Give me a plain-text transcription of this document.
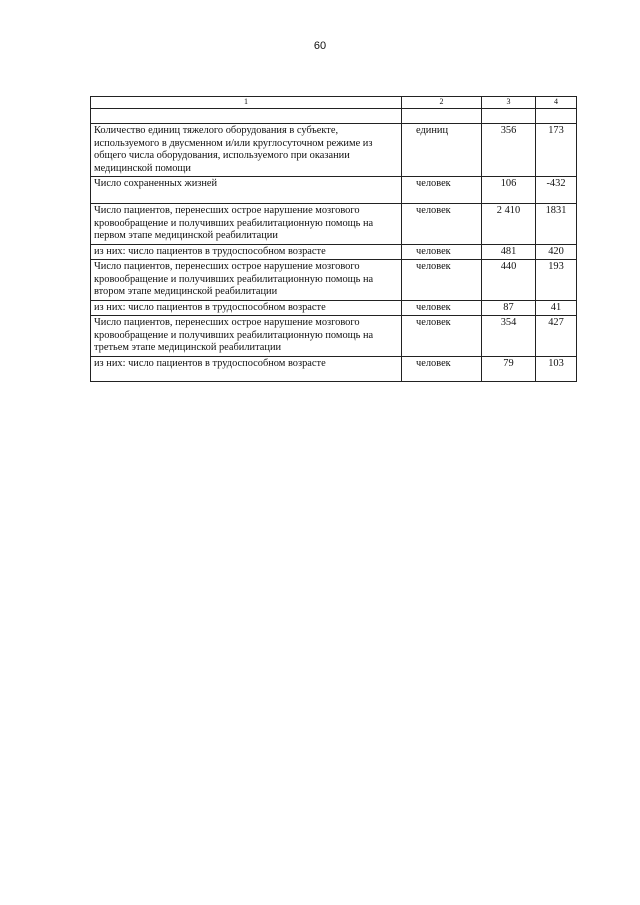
60
1	2	3	4

Количество единиц тяжелого оборудования в субъекте, используемого в двусменном и/или круглосуточном режиме из общего числа оборудования, используемого при оказании медицинской помощи	единиц	356	173
Число сохраненных жизней	человек	106	-432
Число пациентов, перенесших острое нарушение мозгового кровообращение и получивших реабилитационную помощь на первом этапе медицинской реабилитации	человек	2 410	1831
из них: число пациентов в трудоспособном возрасте	человек	481	420
Число пациентов, перенесших острое нарушение мозгового кровообращение и получивших реабилитационную помощь на втором этапе медицинской реабилитации	человек	440	193
из них: число пациентов в трудоспособном возрасте	человек	87	41
Число пациентов, перенесших острое нарушение мозгового кровообращение и получивших реабилитационную помощь на третьем этапе медицинской реабилитации	человек	354	427
из них: число пациентов в трудоспособном возрасте	человек	79	103
